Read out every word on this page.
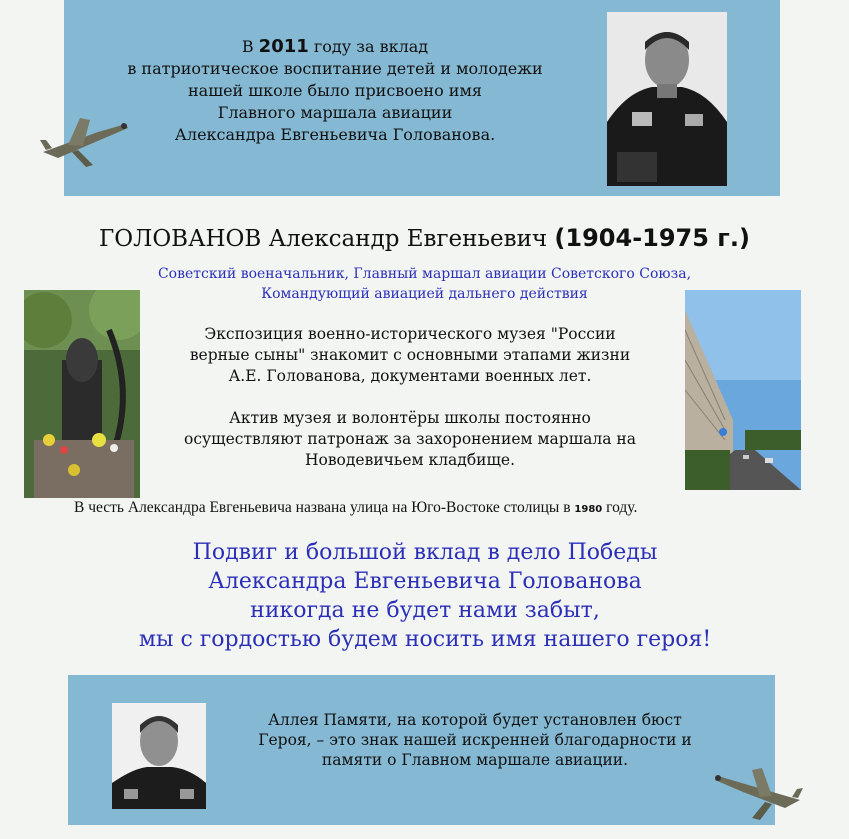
В 2011 году за вклад
в патриотическое воспитание детей и молодежи
нашей школе было присвоено имя
Главного маршала авиации
Александра Евгеньевича Голованова.
ГОЛОВАНОВ Александр Евгеньевич (1904-1975 г.)
Советский военачальник, Главный маршал авиации Советского Союза,
Командующий авиацией дальнего действия
Экспозиция военно-исторического музея "России
верные сыны" знакомит с основными этапами жизни
А.Е. Голованова, документами военных лет.
Актив музея и волонтёры школы постоянно
осуществляют патронаж за захоронением маршала на
Новодевичьем кладбище.
В честь Александра Евгеньевича названа улица на Юго-Востоке столицы в 1980 году.
Подвиг и большой вклад в дело Победы
Александра Евгеньевича Голованова
никогда не будет нами забыт,
мы с гордостью будем носить имя нашего героя!
Аллея Памяти, на которой будет установлен бюст
Героя, – это знак нашей искренней благодарности и
памяти о Главном маршале авиации.
